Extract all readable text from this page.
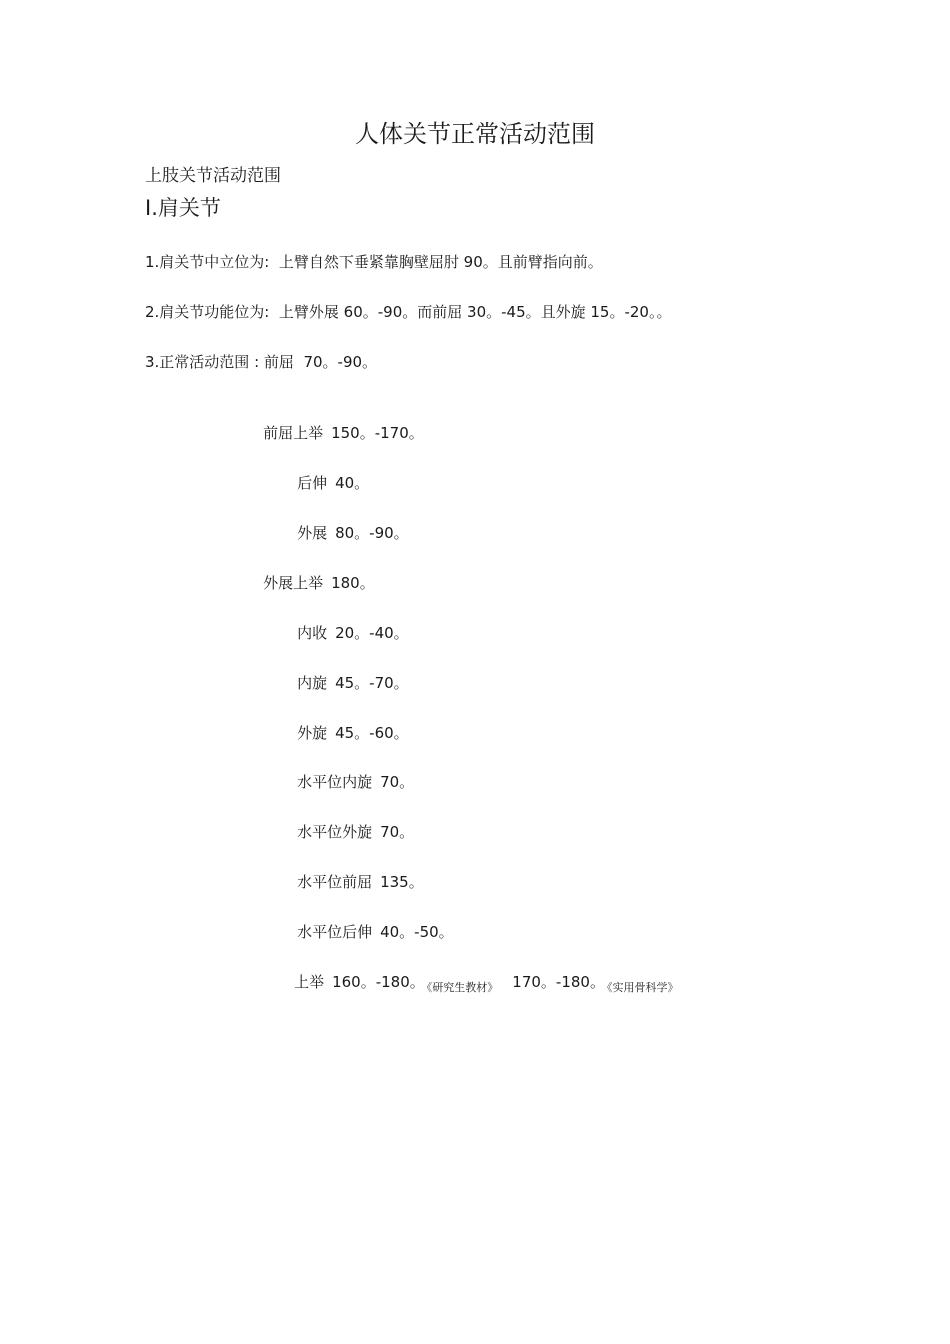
人体关节正常活动范围
上肢关节活动范围
I.肩关节
1.肩关节中立位为:  上臂自然下垂紧靠胸壁屈肘 90。且前臂指向前。
2.肩关节功能位为:  上臂外展 60。-90。而前屈 30。-45。且外旋 15。-20。。
3.正常活动范围 : 前屈  70。-90。

前屈上举 150。-170。

后伸 40。

外展 80。-90。

外展上举 180。

内收 20。-40。

内旋 45。-70。

外旋 45。-60。

水平位内旋 70。

水平位外旋 70。

水平位前屈 135。

水平位后伸 40。-50。

上举 160。-180。 $_{《研究生教材》}$ 170。-180。 $_{《实用骨科学》}$
